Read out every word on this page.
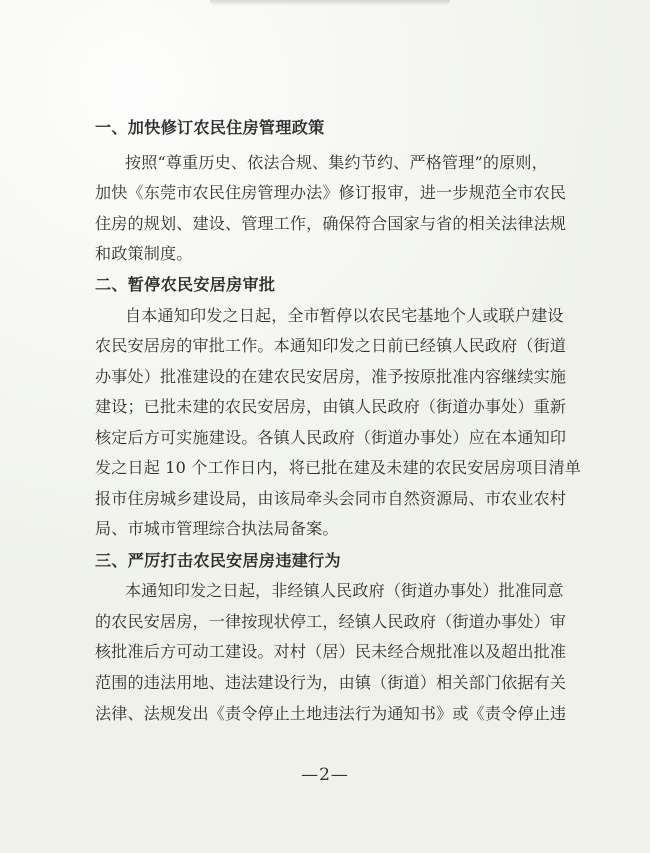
一、加快修订农民住房管理政策
按照“尊重历史、依法合规、集约节约、严格管理”的原则，
加快《东莞市农民住房管理办法》修订报审，进一步规范全市农民
住房的规划、建设、管理工作，确保符合国家与省的相关法律法规
和政策制度。
二、暂停农民安居房审批
自本通知印发之日起，全市暂停以农民宅基地个人或联户建设
农民安居房的审批工作。本通知印发之日前已经镇人民政府（街道
办事处）批准建设的在建农民安居房，准予按原批准内容继续实施
建设；已批未建的农民安居房，由镇人民政府（街道办事处）重新
核定后方可实施建设。各镇人民政府（街道办事处）应在本通知印
发之日起 10 个工作日内，将已批在建及未建的农民安居房项目清单
报市住房城乡建设局，由该局牵头会同市自然资源局、市农业农村
局、市城市管理综合执法局备案。
三、严厉打击农民安居房违建行为
本通知印发之日起，非经镇人民政府（街道办事处）批准同意
的农民安居房，一律按现状停工，经镇人民政府（街道办事处）审
核批准后方可动工建设。对村（居）民未经合规批准以及超出批准
范围的违法用地、违法建设行为，由镇（街道）相关部门依据有关
法律、法规发出《责令停止土地违法行为通知书》或《责令停止违
—2—
